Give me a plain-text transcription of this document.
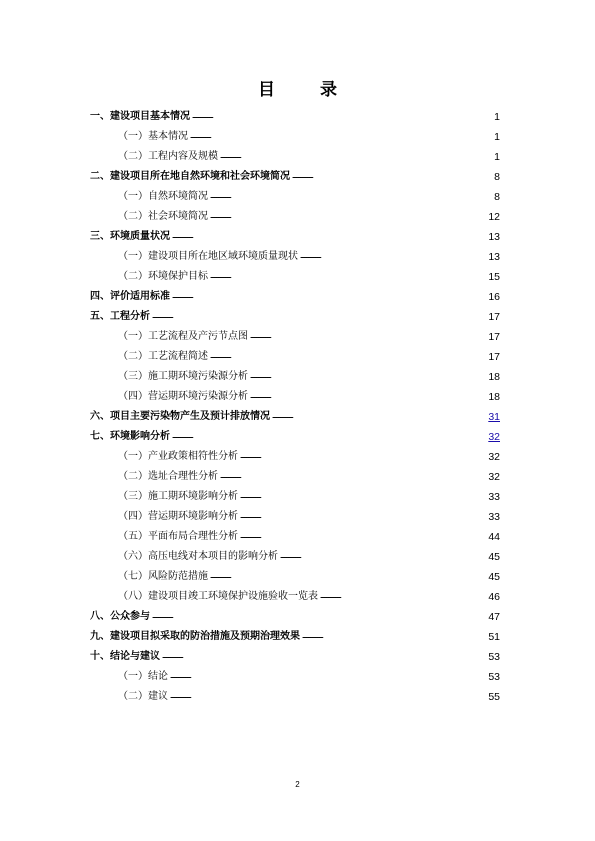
目　录
一、建设项目基本情况 . . .	1
（一）基本情况 . . .	1
（二）工程内容及规模 . . .	1
二、建设项目所在地自然环境和社会环境简况 . . .	8
（一）自然环境简况 . . .	8
（二）社会环境简况 . . .	12
三、环境质量状况 . . .	13
（一）建设项目所在地区域环境质量现状 . . .	13
（二）环境保护目标 . . .	15
四、评价适用标准 . . .	16
五、工程分析 . . .	17
（一）工艺流程及产污节点图 . . .	17
（二）工艺流程简述 . . .	17
（三）施工期环境污染源分析 . . .	18
（四）营运期环境污染源分析 . . .	18
六、项目主要污染物产生及预计排放情况 . . .	31
七、环境影响分析 . . .	32
（一）产业政策相符性分析 . . .	32
（二）选址合理性分析 . . .	32
（三）施工期环境影响分析 . . .	33
（四）营运期环境影响分析 . . .	33
（五）平面布局合理性分析 . . .	44
（六）高压电线对本项目的影响分析 . . .	45
（七）风险防范措施 . . .	45
（八）建设项目竣工环境保护设施验收一览表 . . .	46
八、公众参与 . . .	47
九、建设项目拟采取的防治措施及预期治理效果 . . .	51
十、结论与建议 . . .	53
（一）结论 . . .	53
（二）建议 . . .	55
2
